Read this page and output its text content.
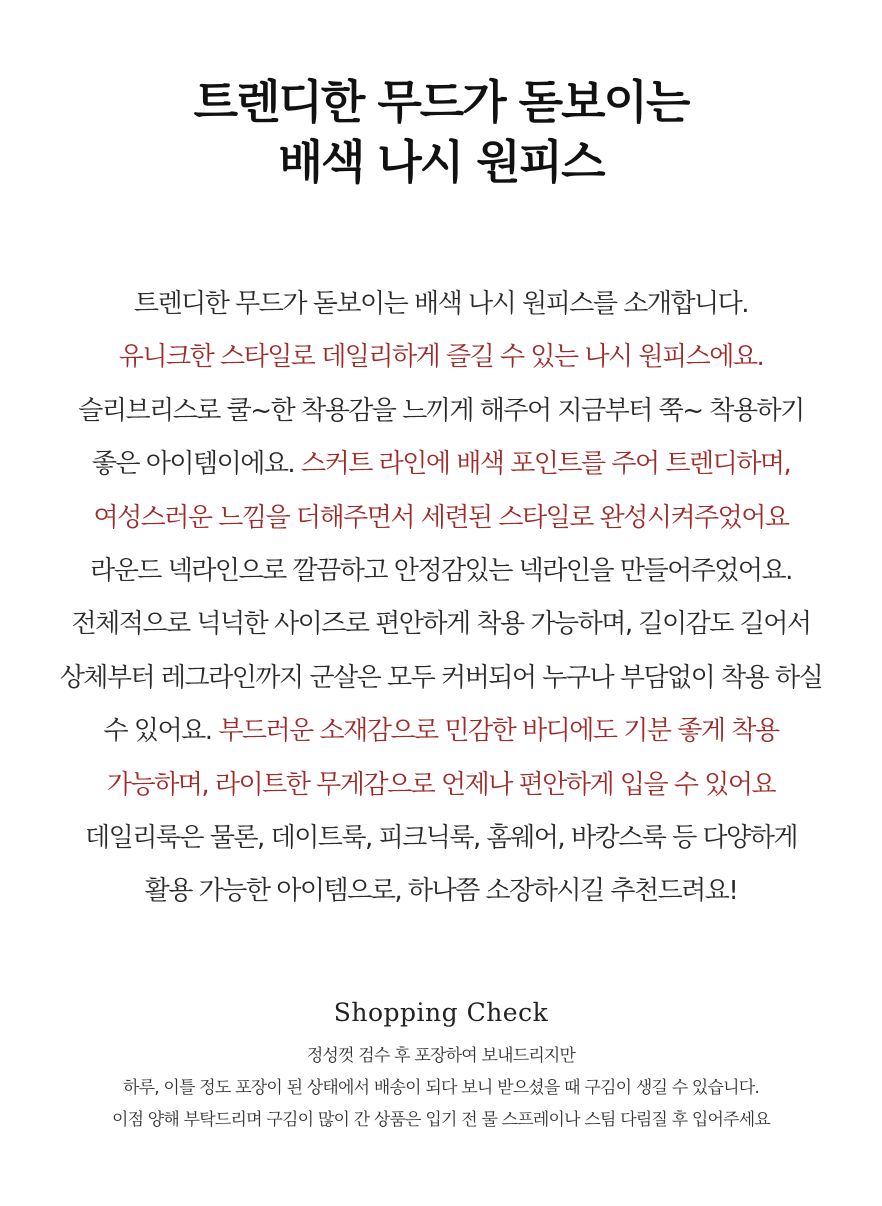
트렌디한 무드가 돋보이는
배색 나시 원피스
트렌디한 무드가 돋보이는 배색 나시 원피스를 소개합니다.
유니크한 스타일로 데일리하게 즐길 수 있는 나시 원피스에요.
슬리브리스로 쿨~한 착용감을 느끼게 해주어 지금부터 쭉~ 착용하기
좋은 아이템이에요. 스커트 라인에 배색 포인트를 주어 트렌디하며,
여성스러운 느낌을 더해주면서 세련된 스타일로 완성시켜주었어요
라운드 넥라인으로 깔끔하고 안정감있는 넥라인을 만들어주었어요.
전체적으로 넉넉한 사이즈로 편안하게 착용 가능하며, 길이감도 길어서
상체부터 레그라인까지 군살은 모두 커버되어 누구나 부담없이 착용 하실
수 있어요. 부드러운 소재감으로 민감한 바디에도 기분 좋게 착용
가능하며, 라이트한 무게감으로 언제나 편안하게 입을 수 있어요
데일리룩은 물론, 데이트룩, 피크닉룩, 홈웨어, 바캉스룩 등 다양하게
활용 가능한 아이템으로, 하나쯤 소장하시길 추천드려요!
Shopping Check
정성껏 검수 후 포장하여 보내드리지만
하루, 이틀 정도 포장이 된 상태에서 배송이 되다 보니 받으셨을 때 구김이 생길 수 있습니다.
이점 양해 부탁드리며 구김이 많이 간 상품은 입기 전 물 스프레이나 스팀 다림질 후 입어주세요
